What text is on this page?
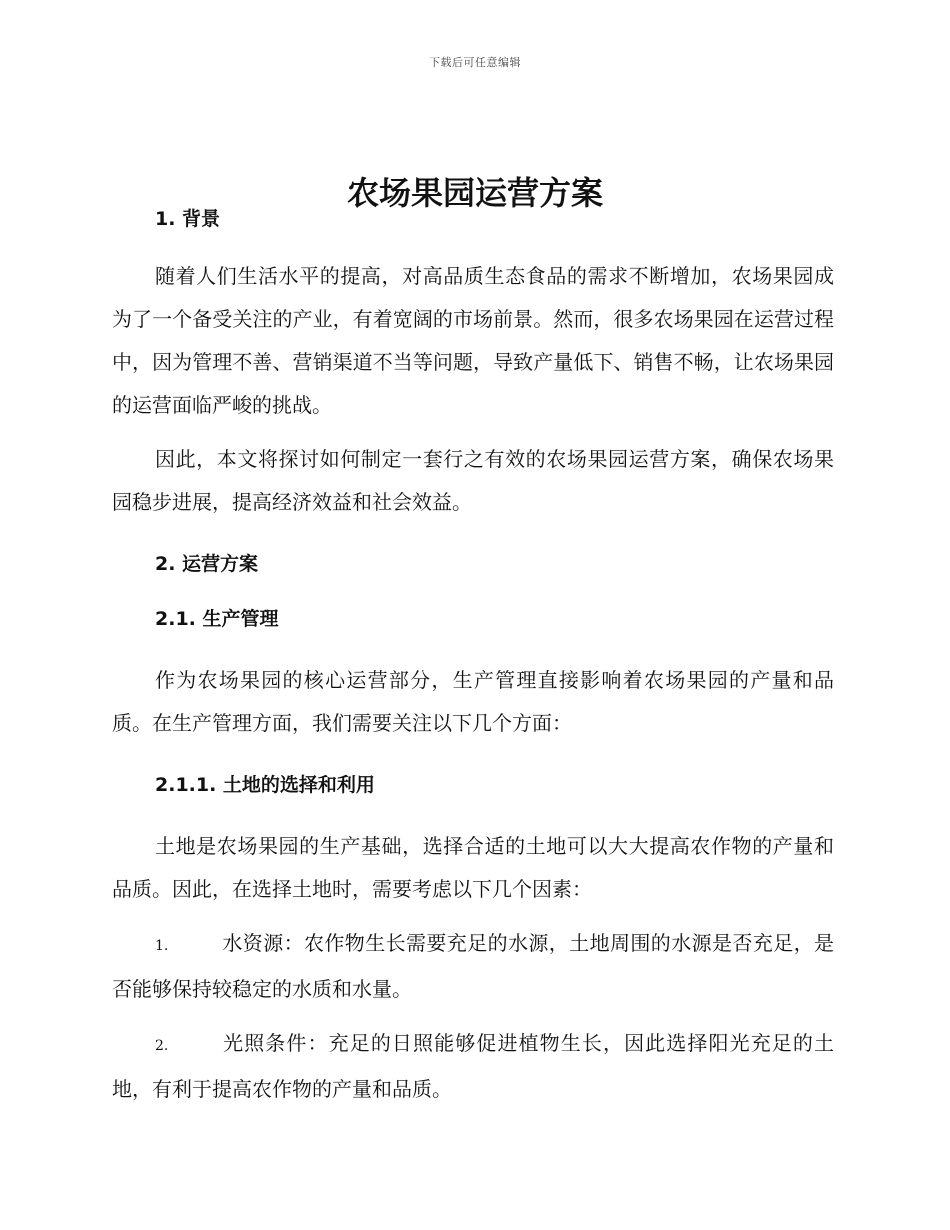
下载后可任意编辑
农场果园运营方案
1. 背景

随着人们生活水平的提高，对高品质生态食品的需求不断增加，农场果园成为了一个备受关注的产业，有着宽阔的市场前景。然而，很多农场果园在运营过程中，因为管理不善、营销渠道不当等问题，导致产量低下、销售不畅，让农场果园的运营面临严峻的挑战。

因此，本文将探讨如何制定一套行之有效的农场果园运营方案，确保农场果园稳步进展，提高经济效益和社会效益。

2. 运营方案
2.1. 生产管理

作为农场果园的核心运营部分，生产管理直接影响着农场果园的产量和品质。在生产管理方面，我们需要关注以下几个方面：

2.1.1. 土地的选择和利用

土地是农场果园的生产基础，选择合适的土地可以大大提高农作物的产量和品质。因此，在选择土地时，需要考虑以下几个因素：

1.	水资源：农作物生长需要充足的水源，土地周围的水源是否充足，是否能够保持较稳定的水质和水量。

2.	光照条件：充足的日照能够促进植物生长，因此选择阳光充足的土地，有利于提高农作物的产量和品质。
